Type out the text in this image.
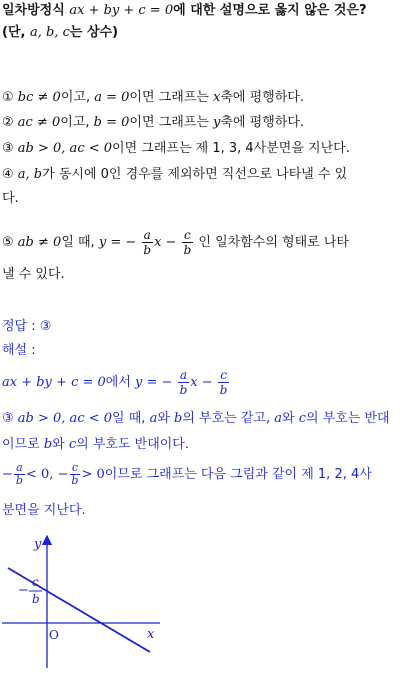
일차방정식 ax + by + c = 0에 대한 설명으로 옳지 않은 것은?
(단, a, b, c는 상수)
① bc ≠ 0이고, a = 0이면 그래프는 x축에 평행하다.
② ac ≠ 0이고, b = 0이면 그래프는 y축에 평행하다.
③ ab > 0, ac < 0이면 그래프는 제 1, 3, 4사분면을 지난다.
④ a, b가 동시에 0인 경우를 제외하면 직선으로 나타낼 수 있
다.
⑤ ab ≠ 0일 때, y = − $\frac{a}{b}$ $x - \frac{c}{b}$ 인 일차함수의 형태로 나타
낼 수 있다.
정답 : ③
해설 :
ax + by + c = 0에서 y = − $\frac{a}{b}$ $x - \frac{c}{b}$
③ ab > 0, ac < 0일 때, a와 b의 부호는 같고, a와 c의 부호는 반대
이므로 b와 c의 부호도 반대이다.
− $\frac{a}{b} < 0$, − $\frac{c}{b} > 0$이므로 그래프는 다음 그림과 같이 제 1, 2, 4사
분면을 지난다.
y
x
O
−
c
b
